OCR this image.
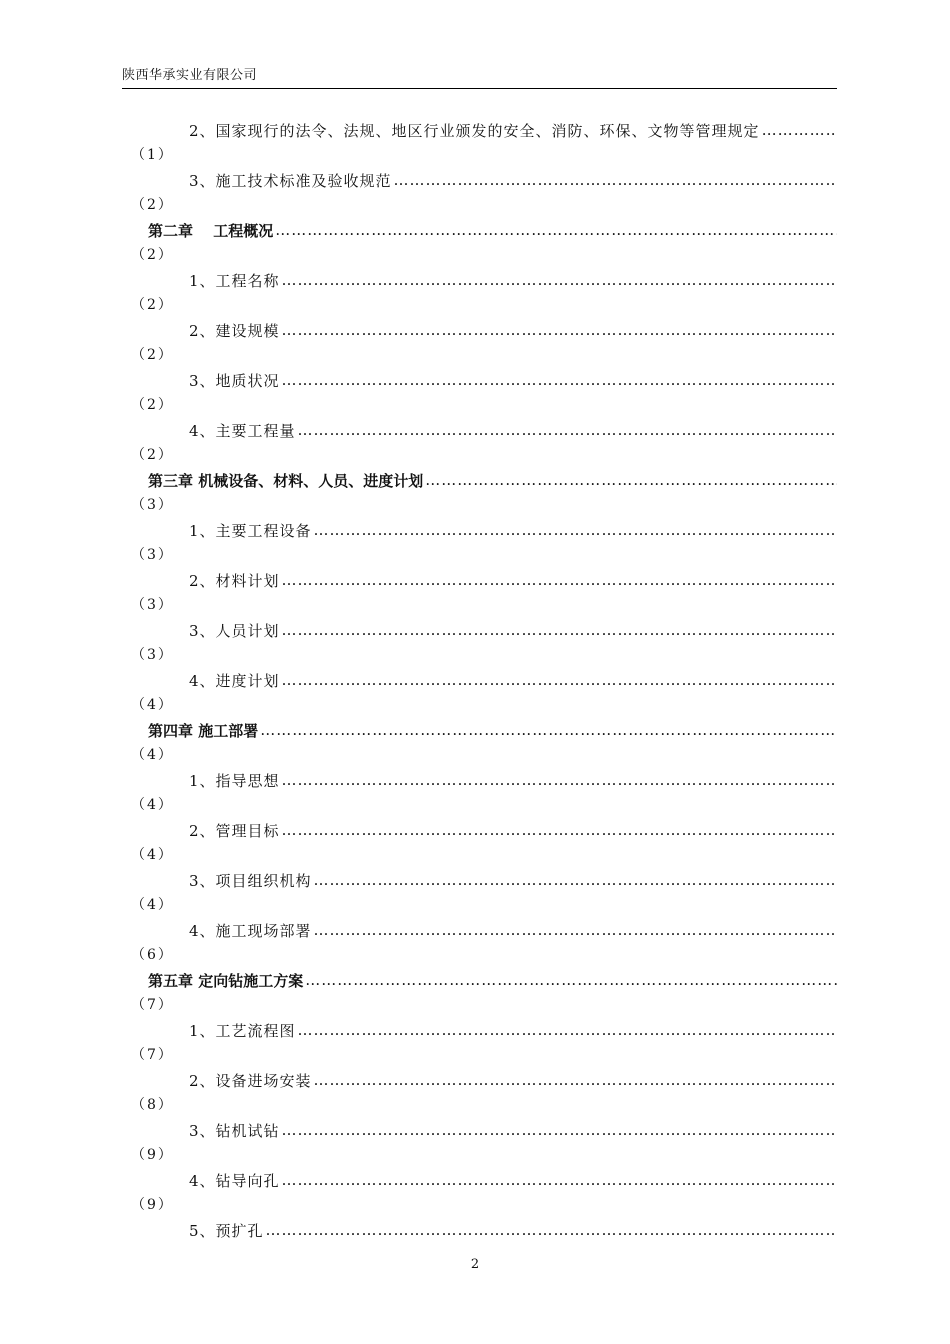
陕西华承实业有限公司
2、国家现行的法令、法规、地区行业颁发的安全、消防、环保、文物等管理规定
…………………………………………………………………………………………………………………………………………………………………………………………………………
（1）
3、施工技术标准及验收规范
…………………………………………………………………………………………………………………………………………………………………………………………………………
（2）
第二章　 工程概况
…………………………………………………………………………………………………………………………………………………………………………………………………………
（2）
1、工程名称
…………………………………………………………………………………………………………………………………………………………………………………………………………
（2）
2、建设规模
…………………………………………………………………………………………………………………………………………………………………………………………………………
（2）
3、地质状况
…………………………………………………………………………………………………………………………………………………………………………………………………………
（2）
4、主要工程量
…………………………………………………………………………………………………………………………………………………………………………………………………………
（2）
第三章 机械设备、材料、人员、进度计划
…………………………………………………………………………………………………………………………………………………………………………………………………………
（3）
1、主要工程设备
…………………………………………………………………………………………………………………………………………………………………………………………………………
（3）
2、材料计划
…………………………………………………………………………………………………………………………………………………………………………………………………………
（3）
3、人员计划
…………………………………………………………………………………………………………………………………………………………………………………………………………
（3）
4、进度计划
…………………………………………………………………………………………………………………………………………………………………………………………………………
（4）
第四章 施工部署
…………………………………………………………………………………………………………………………………………………………………………………………………………
（4）
1、指导思想
…………………………………………………………………………………………………………………………………………………………………………………………………………
（4）
2、管理目标
…………………………………………………………………………………………………………………………………………………………………………………………………………
（4）
3、项目组织机构
…………………………………………………………………………………………………………………………………………………………………………………………………………
（4）
4、施工现场部署
…………………………………………………………………………………………………………………………………………………………………………………………………………
（6）
第五章 定向钻施工方案
…………………………………………………………………………………………………………………………………………………………………………………………………………
（7）
1、工艺流程图
…………………………………………………………………………………………………………………………………………………………………………………………………………
（7）
2、设备进场安装
…………………………………………………………………………………………………………………………………………………………………………………………………………
（8）
3、钻机试钻
…………………………………………………………………………………………………………………………………………………………………………………………………………
（9）
4、钻导向孔
…………………………………………………………………………………………………………………………………………………………………………………………………………
（9）
5、预扩孔
…………………………………………………………………………………………………………………………………………………………………………………………………………
2
